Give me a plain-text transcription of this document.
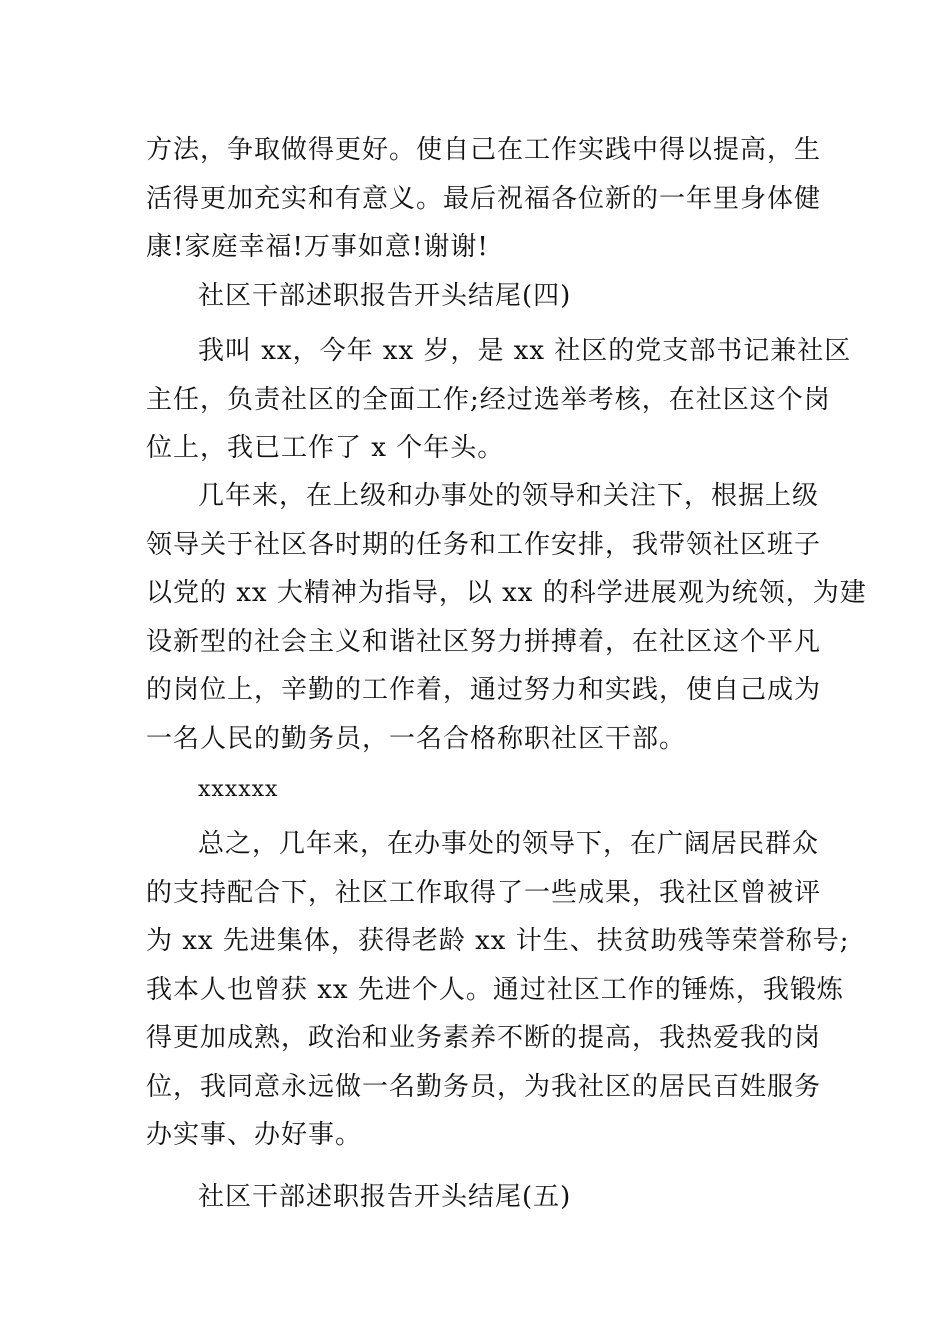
方法，争取做得更好。使自己在工作实践中得以提高，生
活得更加充实和有意义。最后祝福各位新的一年里身体健
康!家庭幸福!万事如意!谢谢!
社区干部述职报告开头结尾(四)
我叫 xx，今年 xx 岁，是 xx 社区的党支部书记兼社区
主任，负责社区的全面工作;经过选举考核，在社区这个岗
位上，我已工作了 x 个年头。
几年来，在上级和办事处的领导和关注下，根据上级
领导关于社区各时期的任务和工作安排，我带领社区班子
以党的 xx 大精神为指导，以 xx 的科学进展观为统领，为建
设新型的社会主义和谐社区努力拼搏着，在社区这个平凡
的岗位上，辛勤的工作着，通过努力和实践，使自己成为
一名人民的勤务员，一名合格称职社区干部。
xxxxxx
总之，几年来，在办事处的领导下，在广阔居民群众
的支持配合下，社区工作取得了一些成果，我社区曾被评
为 xx 先进集体，获得老龄 xx 计生、扶贫助残等荣誉称号;
我本人也曾获 xx 先进个人。通过社区工作的锤炼，我锻炼
得更加成熟，政治和业务素养不断的提高，我热爱我的岗
位，我同意永远做一名勤务员，为我社区的居民百姓服务
办实事、办好事。
社区干部述职报告开头结尾(五)
